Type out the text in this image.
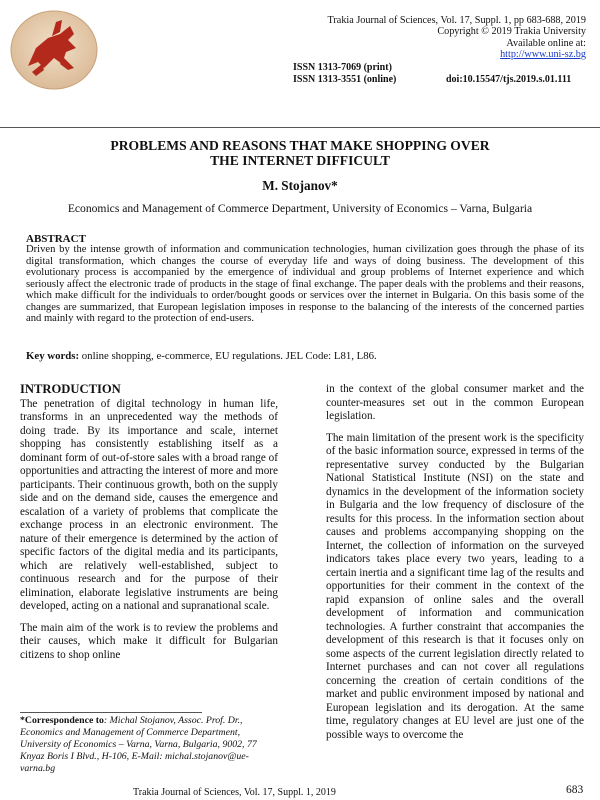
Trakia Journal of Sciences, Vol. 17, Suppl. 1, pp 683-688, 2019
Copyright © 2019 Trakia University
Available online at:
http://www.uni-sz.bg
ISSN 1313-7069 (print)
ISSN 1313-3551 (online)	doi:10.15547/tjs.2019.s.01.111
PROBLEMS AND REASONS THAT MAKE SHOPPING OVER
THE INTERNET DIFFICULT
M. Stojanov*
Economics and Management of Commerce Department, University of Economics – Varna, Bulgaria
ABSTRACT
Driven by the intense growth of information and communication technologies, human civilization goes through the phase of its digital transformation, which changes the course of everyday life and ways of doing business. The development of this evolutionary process is accompanied by the emergence of individual and group problems of Internet experience and which seriously affect the electronic trade of products in the stage of final exchange. The paper deals with the problems and their reasons, which make difficult for the individuals to order/bought goods or services over the internet in Bulgaria. On this basis some of the changes are summarized, that European legislation imposes in response to the balancing of the interests of the concerned parties and mainly with regard to the protection of end-users.
Key words: online shopping, e-commerce, EU regulations. JEL Code: L81, L86.
INTRODUCTION

The penetration of digital technology in human life, transforms in an unprecedented way the methods of doing trade. By its importance and scale, internet shopping has consistently establishing itself as a dominant form of out-of-store sales with a broad range of opportunities and attracting the interest of more and more participants. Their continuous growth, both on the supply side and on the demand side, causes the emergence and escalation of a variety of problems that complicate the exchange process in an electronic environment. The nature of their emergence is determined by the action of specific factors of the digital media and its participants, which are relatively well-established, subject to continuous research and for the purpose of their elimination, elaborate legislative instruments are being developed, acting on a national and supranational scale.

The main aim of the work is to review the problems and their causes, which make it difficult for Bulgarian citizens to shop online

in the context of the global consumer market and the counter-measures set out in the common European legislation.

The main limitation of the present work is the specificity of the basic information source, expressed in terms of the representative survey conducted by the Bulgarian National Statistical Institute (NSI) on the state and dynamics in the development of the information society in Bulgaria and the low frequency of disclosure of the results for this process. In the information section about causes and problems accompanying shopping on the Internet, the collection of information on the surveyed indicators takes place every two years, leading to a certain inertia and a significant time lag of the results and opportunities for their comment in the context of the rapid expansion of online sales and the overall development of information and communication technologies. A further constraint that accompanies the development of this research is that it focuses only on some aspects of the current legislation directly related to Internet purchases and can not cover all regulations concerning the creation of certain conditions of the market and public environment imposed by national and European legislation and its derogation. At the same time, regulatory changes at EU level are just one of the possible ways to overcome the

*Correspondence to: Michal Stojanov, Assoc. Prof. Dr., Economics and Management of Commerce Department, University of Economics – Varna, Varna, Bulgaria, 9002, 77 Knyaz Boris I Blvd., H-106, E-Mail: michal.stojanov@ue-varna.bg
Trakia Journal of Sciences, Vol. 17, Suppl. 1, 2019	683
